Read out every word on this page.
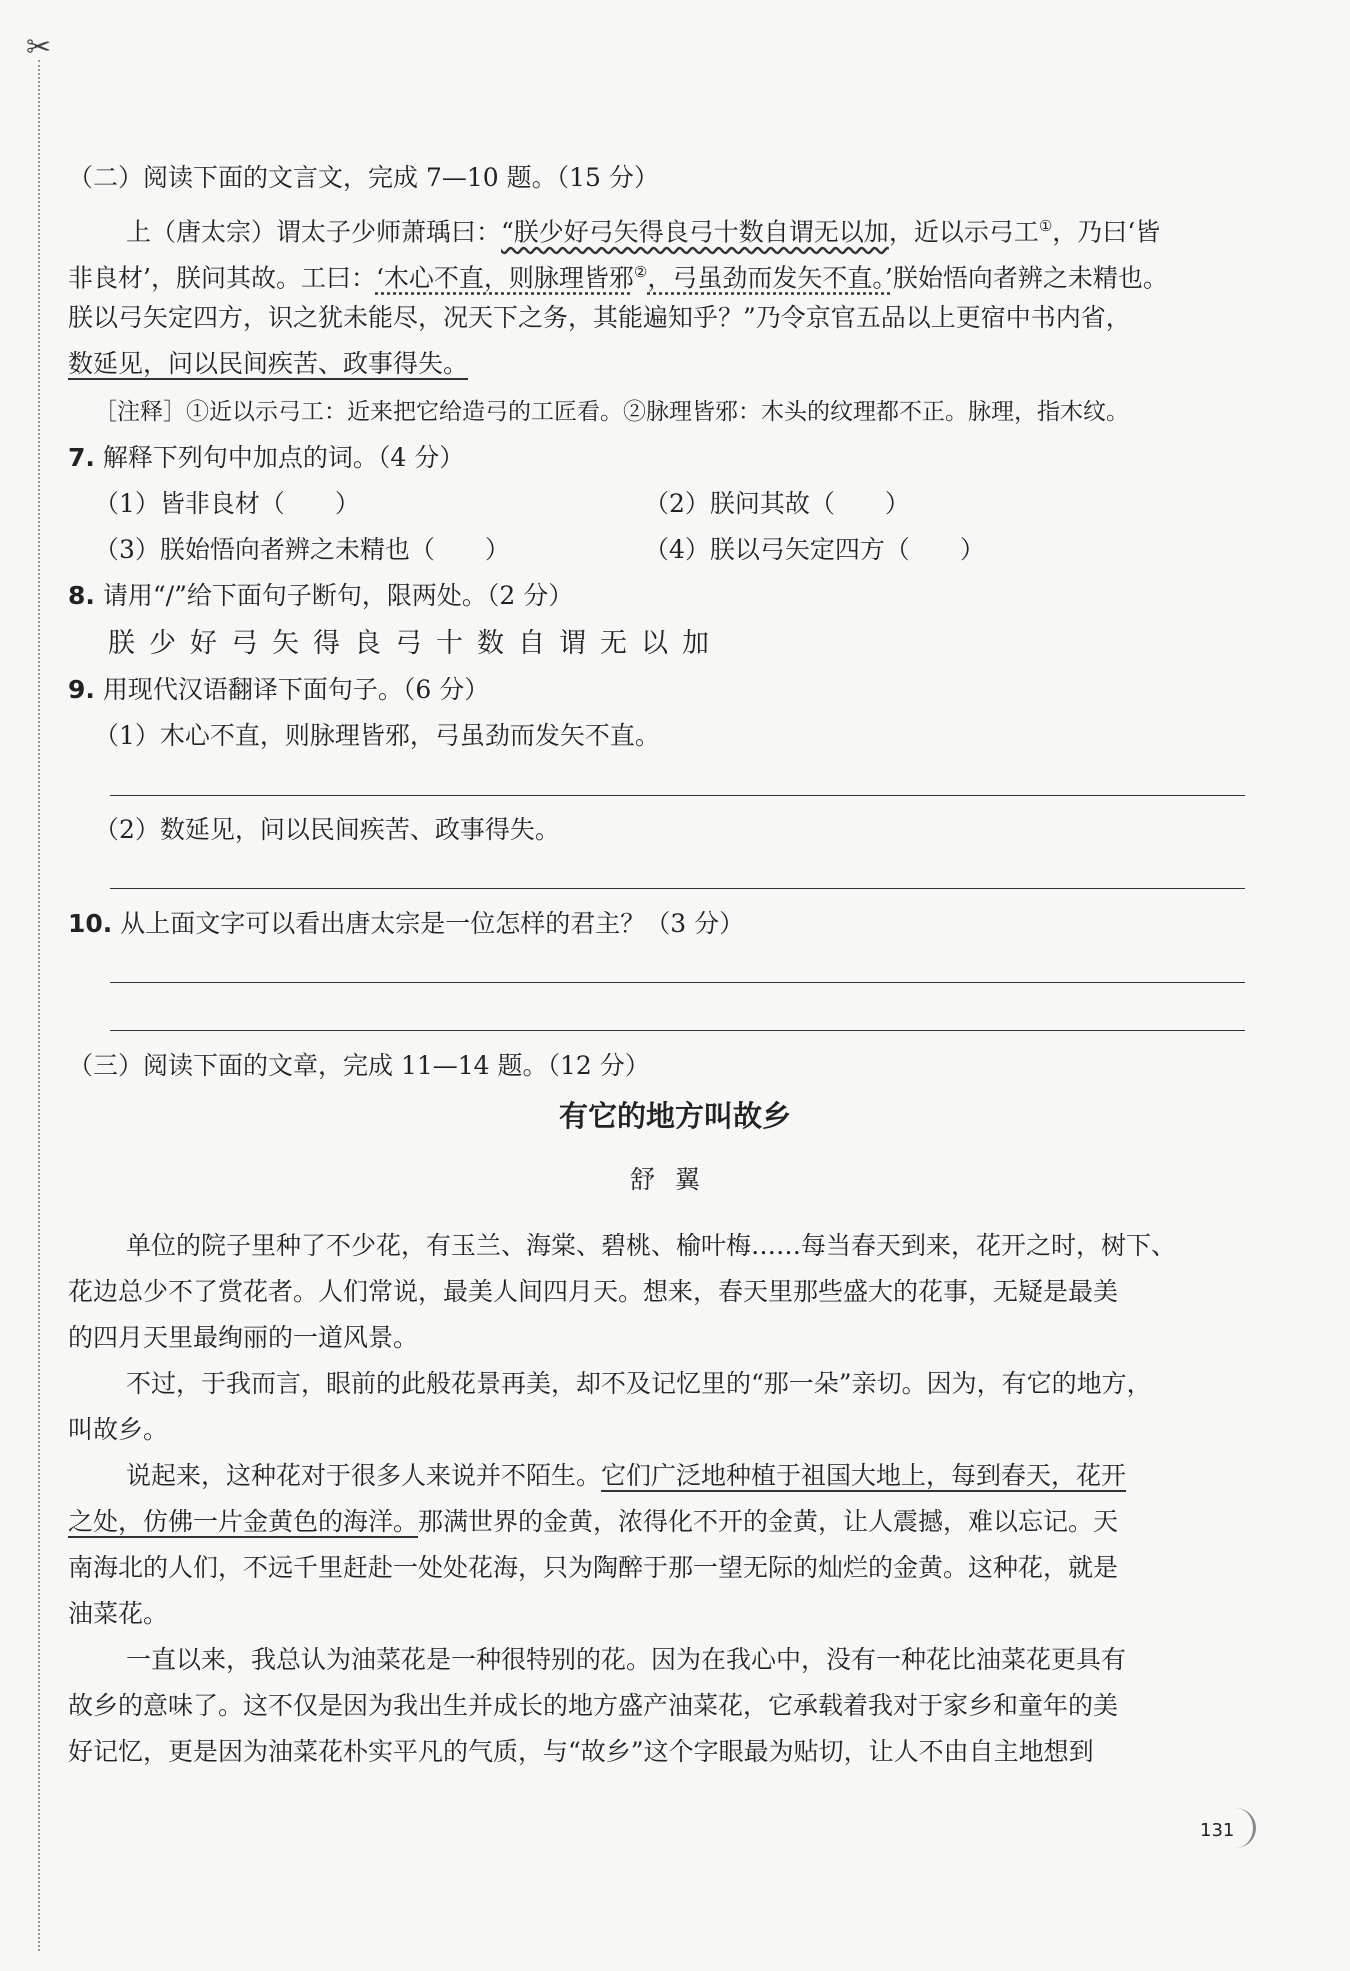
✂
（二）阅读下面的文言文，完成 7—10 题。（15 分）
上（唐太宗）谓太子少师萧瑀曰：“朕少好弓矢得良弓十数自谓无以加，近以示弓工①，乃曰‘皆
非良材’，朕问其故。工曰：‘木心不直，则脉理皆邪②，弓虽劲而发矢不直。’朕始悟向者辨之未精也。
朕以弓矢定四方，识之犹未能尽，况天下之务，其能遍知乎？”乃令京官五品以上更宿中书内省，
数延见，问以民间疾苦、政事得失。
［注释］①近以示弓工：近来把它给造弓的工匠看。②脉理皆邪：木头的纹理都不正。脉理，指木纹。
7. 解释下列句中加点的词。（4 分）
（1）皆非良材（　　）	（2）朕问其故（　　）
（3）朕始悟向者辨之未精也（　　）	（4）朕以弓矢定四方（　　）
8. 请用“/”给下面句子断句，限两处。（2 分）
朕少好弓矢得良弓十数自谓无以加
9. 用现代汉语翻译下面句子。（6 分）
（1）木心不直，则脉理皆邪，弓虽劲而发矢不直。
（2）数延见，问以民间疾苦、政事得失。
10. 从上面文字可以看出唐太宗是一位怎样的君主？（3 分）
（三）阅读下面的文章，完成 11—14 题。（12 分）
有它的地方叫故乡
舒翼
单位的院子里种了不少花，有玉兰、海棠、碧桃、榆叶梅……每当春天到来，花开之时，树下、
花边总少不了赏花者。人们常说，最美人间四月天。想来，春天里那些盛大的花事，无疑是最美
的四月天里最绚丽的一道风景。
不过，于我而言，眼前的此般花景再美，却不及记忆里的“那一朵”亲切。因为，有它的地方，
叫故乡。
说起来，这种花对于很多人来说并不陌生。它们广泛地种植于祖国大地上，每到春天，花开
之处，仿佛一片金黄色的海洋。那满世界的金黄，浓得化不开的金黄，让人震撼，难以忘记。天
南海北的人们，不远千里赶赴一处处花海，只为陶醉于那一望无际的灿烂的金黄。这种花，就是
油菜花。
一直以来，我总认为油菜花是一种很特别的花。因为在我心中，没有一种花比油菜花更具有
故乡的意味了。这不仅是因为我出生并成长的地方盛产油菜花，它承载着我对于家乡和童年的美
好记忆，更是因为油菜花朴实平凡的气质，与“故乡”这个字眼最为贴切，让人不由自主地想到
131
